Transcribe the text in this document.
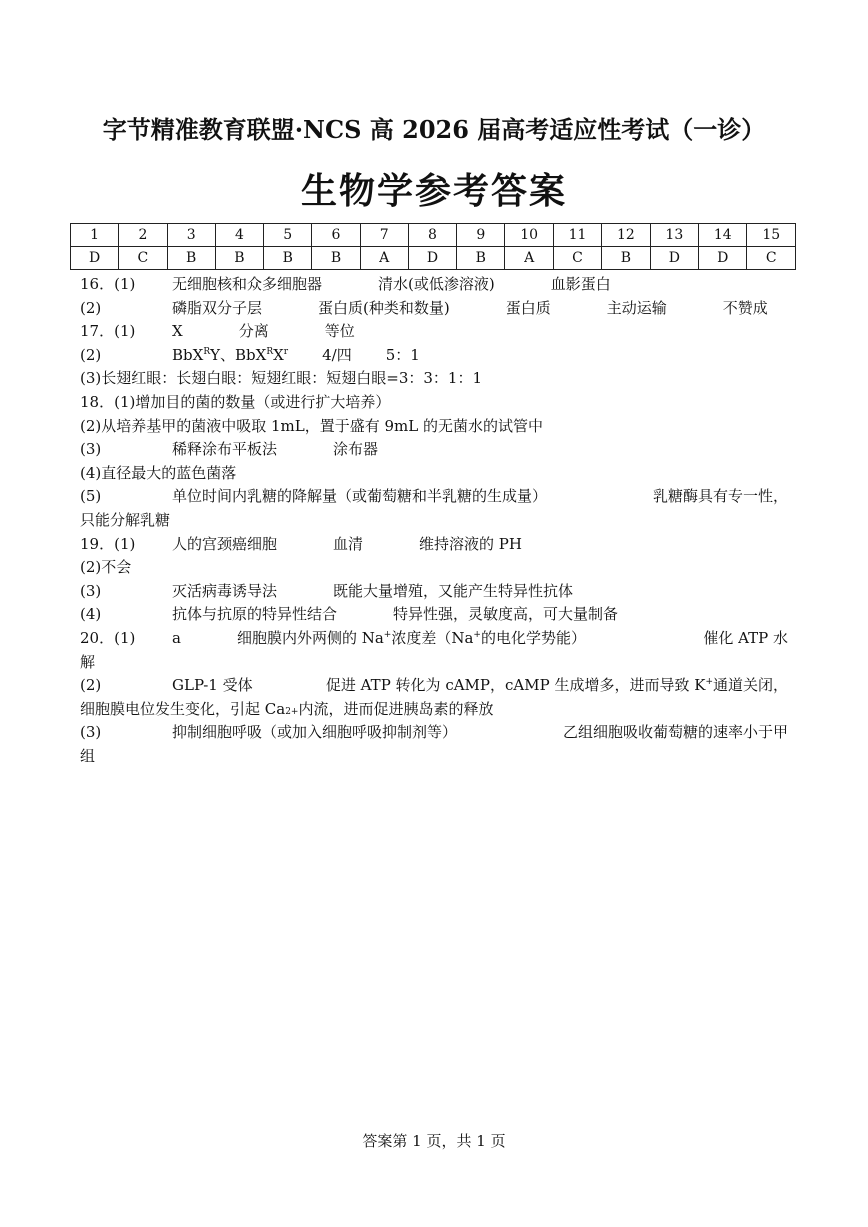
字节精准教育联盟·NCS 高 2026 届高考适应性考试（一诊）
生物学参考答案
1	2	3	4	5	6	7	8	9	10	11	12	13	14	15
D	C	B	B	B	B	A	D	B	A	C	B	D	D	C
16．(1) 无细胞核和众多细胞器	清水(或低渗溶液)	血影蛋白
(2)	磷脂双分子层	蛋白质(种类和数量)	蛋白质	主动运输	不赞成
17．(1) X	分离	等位
(2)	BbX$^R$Y、$BbX^RX^r$ 4/四 5：1
(3)长翅红眼：长翅白眼：短翅红眼：短翅白眼=3：3：1：1
18．(1)增加目的菌的数量（或进行扩大培养）
(2)从培养基甲的菌液中吸取 1mL，置于盛有 9mL 的无菌水的试管中
(3)	稀释涂布平板法	涂布器
(4)直径最大的蓝色菌落
(5)	单位时间内乳糖的降解量（或葡萄糖和半乳糖的生成量）	乳糖酶具有专一性，
只能分解乳糖
19．(1) 人的宫颈癌细胞	血清	维持溶液的 PH
(2)不会
(3)	灭活病毒诱导法	既能大量增殖，又能产生特异性抗体
(4)	抗体与抗原的特异性结合	特异性强，灵敏度高，可大量制备
20．(1) a	细胞膜内外两侧的 Na+浓度差（Na+的电化学势能）	催化 ATP 水
解
(2)	GLP-1 受体	促进 ATP 转化为 cAMP，cAMP 生成增多，进而导致 K+通道关闭，
细胞膜电位发生变化，引起 Ca 2+ 内流，进而促进胰岛素的释放
(3)	抑制细胞呼吸（或加入细胞呼吸抑制剂等）	乙组细胞吸收葡萄糖的速率小于甲
组
答案第 1 页，共 1 页
